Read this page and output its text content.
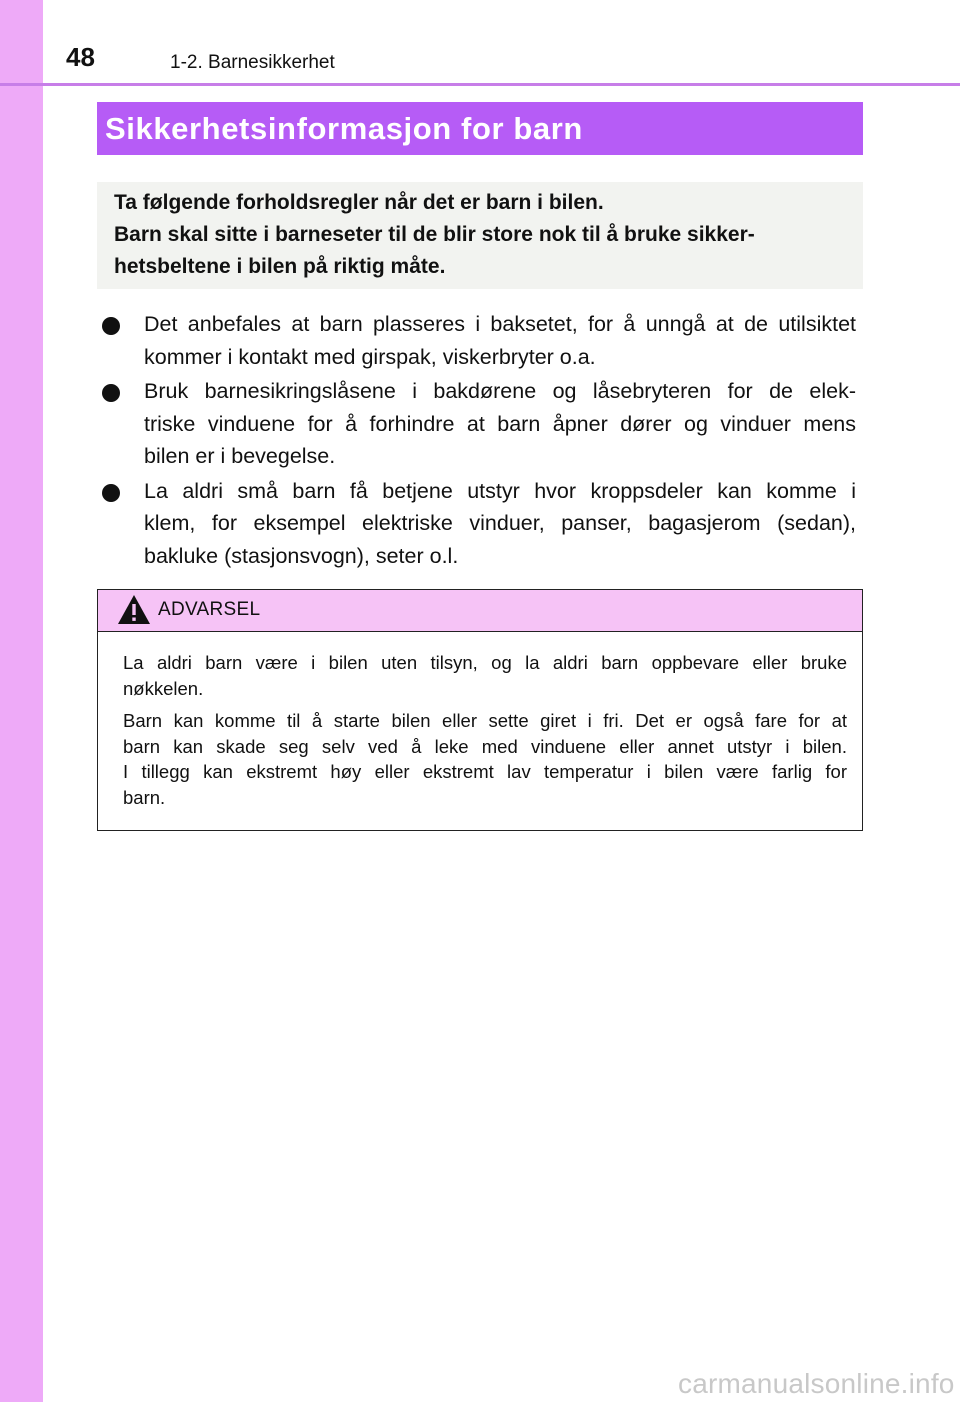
48	1-2. Barnesikkerhet
Sikkerhetsinformasjon for barn
Ta følgende forholdsregler når det er barn i bilen.
Barn skal sitte i barneseter til de blir store nok til å bruke sikker-
hetsbeltene i bilen på riktig måte.
Det anbefales at barn plasseres i baksetet, for å unngå at de utilsiktet
kommer i kontakt med girspak, viskerbryter o.a.
Bruk barnesikringslåsene i bakdørene og låsebryteren for de elek-
triske vinduene for å forhindre at barn åpner dører og vinduer mens
bilen er i bevegelse.
La aldri små barn få betjene utstyr hvor kroppsdeler kan komme i
klem, for eksempel elektriske vinduer, panser, bagasjerom (sedan),
bakluke (stasjonsvogn), seter o.l.
ADVARSEL
La aldri barn være i bilen uten tilsyn, og la aldri barn oppbevare eller bruke
nøkkelen.
Barn kan komme til å starte bilen eller sette giret i fri. Det er også fare for at
barn kan skade seg selv ved å leke med vinduene eller annet utstyr i bilen.
I tillegg kan ekstremt høy eller ekstremt lav temperatur i bilen være farlig for
barn.
carmanualsonline.info
